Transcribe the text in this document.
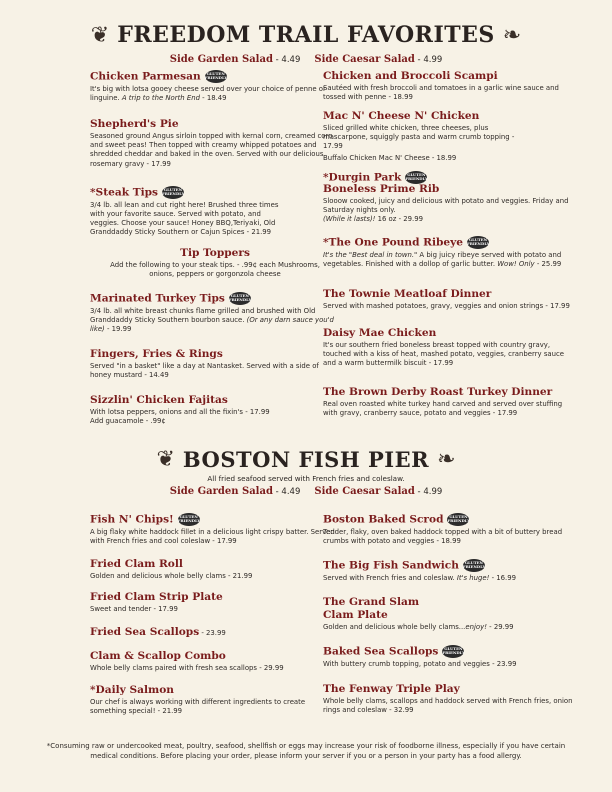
❦ FREEDOM TRAIL FAVORITES ❧
Side Garden Salad - 4.49 Side Caesar Salad - 4.99
Chicken Parmesan GLUTEN FRIENDLY
It's big with lotsa gooey cheese served over your choice of penne or linguine. A trip to the North End - 18.49
Shepherd's Pie
Seasoned ground Angus sirloin topped with kernal corn, creamed corn and sweet peas! Then topped with creamy whipped potatoes and shredded cheddar and baked in the oven. Served with our delicious rosemary gravy - 17.99
*Steak Tips GLUTEN FRIENDLY
3/4 lb. all lean and cut right here! Brushed three times with your favorite sauce. Served with potato, and veggies. Choose your sauce! Honey BBQ,Teriyaki, Old Granddaddy Sticky Southern or Cajun Spices - 21.99
Tip Toppers
Add the following to your steak tips. - .99¢ each Mushrooms, onions, peppers or gorgonzola cheese
Marinated Turkey Tips GLUTEN FRIENDLY
3/4 lb. all white breast chunks flame grilled and brushed with Old Granddaddy Sticky Southern bourbon sauce. (Or any darn sauce you'd like) - 19.99
Fingers, Fries & Rings
Served "in a basket" like a day at Nantasket. Served with a side of honey mustard - 14.49
Sizzlin' Chicken Fajitas
With lotsa peppers, onions and all the fixin's - 17.99
Add guacamole - .99¢
Chicken and Broccoli Scampi
Sautéed with fresh broccoli and tomatoes in a garlic wine sauce and tossed with penne - 18.99
Mac N' Cheese N' Chicken
Sliced grilled white chicken, three cheeses, plus mascarpone, squiggly pasta and warm crumb topping - 17.99
Buffalo Chicken Mac N' Cheese - 18.99
*Durgin Park GLUTEN FRIENDLY
Boneless Prime Rib
Slooow cooked, juicy and delicious with potato and veggies. Friday and Saturday nights only.
(While it lasts)! 16 oz - 29.99
*The One Pound Ribeye GLUTEN FRIENDLY
It's the "Best deal in town." A big juicy ribeye served with potato and vegetables. Finished with a dollop of garlic butter. Wow! Only - 25.99
The Townie Meatloaf Dinner
Served with mashed potatoes, gravy, veggies and onion strings - 17.99
Daisy Mae Chicken
It's our southern fried boneless breast topped with country gravy, touched with a kiss of heat, mashed potato, veggies, cranberry sauce and a warm buttermilk biscuit - 17.99
The Brown Derby Roast Turkey Dinner
Real oven roasted white turkey hand carved and served over stuffing with gravy, cranberry sauce, potato and veggies - 17.99
❦ BOSTON FISH PIER ❧
All fried seafood served with French fries and coleslaw.
Side Garden Salad - 4.49 Side Caesar Salad - 4.99
Fish N' Chips! GLUTEN FRIENDLY
A big flaky white haddock fillet in a delicious light crispy batter. Served with French fries and cool coleslaw - 17.99
Fried Clam Roll
Golden and delicious whole belly clams - 21.99
Fried Clam Strip Plate
Sweet and tender - 17.99
Fried Sea Scallops - 23.99
Clam & Scallop Combo
Whole belly clams paired with fresh sea scallops - 29.99
*Daily Salmon
Our chef is always working with different ingredients to create something special! - 21.99
Boston Baked Scrod GLUTEN FRIENDLY
Tender, flaky, oven baked haddock topped with a bit of buttery bread crumbs with potato and veggies - 18.99
The Big Fish Sandwich GLUTEN FRIENDLY
Served with French fries and coleslaw. It's huge! - 16.99
The Grand Slam
Clam Plate
Golden and delicious whole belly clams...enjoy! - 29.99
Baked Sea Scallops GLUTEN FRIENDLY
With buttery crumb topping, potato and veggies - 23.99
The Fenway Triple Play
Whole belly clams, scallops and haddock served with French fries, onion rings and coleslaw - 32.99
*Consuming raw or undercooked meat, poultry, seafood, shellfish or eggs may increase your risk of foodborne illness, especially if you have certain medical conditions. Before placing your order, please inform your server if you or a person in your party has a food allergy.
